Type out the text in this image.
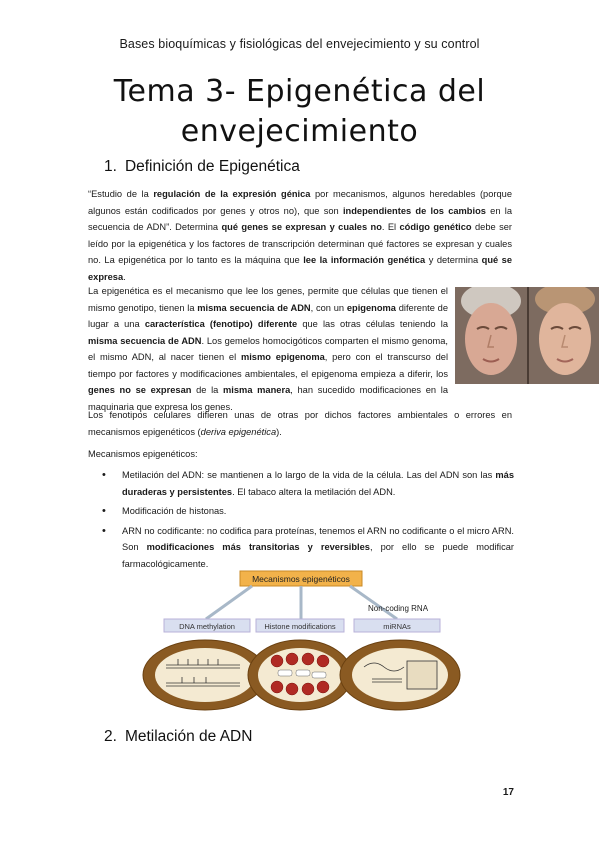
Bases bioquímicas y fisiológicas del envejecimiento y su control
Tema 3- Epigenética del
envejecimiento
1. Definición de Epigenética
“Estudio de la regulación de la expresión génica por mecanismos, algunos heredables (porque algunos están codificados por genes y otros no), que son independientes de los cambios en la secuencia de ADN”. Determina qué genes se expresan y cuales no. El código genético debe ser leído por la epigenética y los factores de transcripción determinan qué factores se expresan y cuales no. La epigenética por lo tanto es la máquina que lee la información genética y determina qué se expresa.
La epigenética es el mecanismo que lee los genes, permite que células que tienen el mismo genotipo, tienen la misma secuencia de ADN, con un epigenoma diferente de lugar a una característica (fenotipo) diferente que las otras células teniendo la misma secuencia de ADN. Los gemelos homocigóticos comparten el mismo genoma, el mismo ADN, al nacer tienen el mismo epigenoma, pero con el transcurso del tiempo por factores y modificaciones ambientales, el epigenoma empieza a diferir, los genes no se expresan de la misma manera, han sucedido modificaciones en la maquinaria que expresa los genes.
Los fenotipos celulares difieren unas de otras por dichos factores ambientales o errores en mecanismos epigenéticos (deriva epigenética).
Mecanismos epigenéticos:
• Metilación del ADN: se mantienen a lo largo de la vida de la célula. Las del ADN son las más duraderas y persistentes. El tabaco altera la metilación del ADN.
• Modificación de histonas.
• ARN no codificante: no codifica para proteínas, tenemos el ARN no codificante o el micro ARN. Son modificaciones más transitorias y reversibles, por ello se puede modificar farmacológicamente.
Mecanismos epigenéticos
Non-coding RNA
DNA methylation	Histone modifications	miRNAs
2. Metilación de ADN
17
